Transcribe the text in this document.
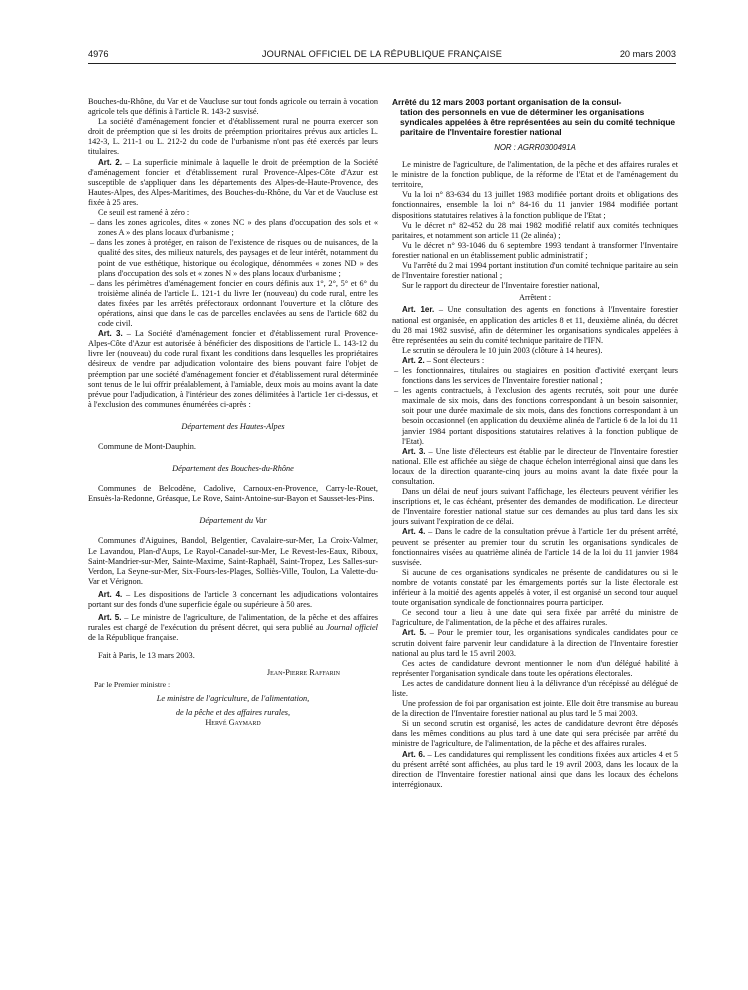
4976	JOURNAL OFFICIEL DE LA RÉPUBLIQUE FRANÇAISE	20 mars 2003

Bouches-du-Rhône, du Var et de Vaucluse sur tout fonds agricole ou terrain à vocation agricole tels que définis à l'article R. 143-2 susvisé.

La société d'aménagement foncier et d'établissement rural ne pourra exercer son droit de préemption que si les droits de préemption prioritaires prévus aux articles L. 142-3, L. 211-1 ou L. 212-2 du code de l'urbanisme n'ont pas été exercés par leurs titulaires.

Art. 2. – La superficie minimale à laquelle le droit de préemption de la Société d'aménagement foncier et d'établissement rural Provence-Alpes-Côte d'Azur est susceptible de s'appliquer dans les départements des Alpes-de-Haute-Provence, des Hautes-Alpes, des Alpes-Maritimes, des Bouches-du-Rhône, du Var et de Vaucluse est fixée à 25 ares.

Ce seuil est ramené à zéro :

– dans les zones agricoles, dites « zones NC » des plans d'occupation des sols et « zones A » des plans locaux d'urbanisme ;
– dans les zones à protéger, en raison de l'existence de risques ou de nuisances, de la qualité des sites, des milieux naturels, des paysages et de leur intérêt, notamment du point de vue esthétique, historique ou écologique, dénommées « zones ND » des plans d'occupation des sols et « zones N » des plans locaux d'urbanisme ;
– dans les périmètres d'aménagement foncier en cours définis aux 1°, 2°, 5° et 6° du troisième alinéa de l'article L. 121-1 du livre Ier (nouveau) du code rural, entre les dates fixées par les arrêtés préfectoraux ordonnant l'ouverture et la clôture des opérations, ainsi que dans le cas de parcelles enclavées au sens de l'article 682 du code civil.

Art. 3. – La Société d'aménagement foncier et d'établissement rural Provence-Alpes-Côte d'Azur est autorisée à bénéficier des dispositions de l'article L. 143-12 du livre Ier (nouveau) du code rural fixant les conditions dans lesquelles les propriétaires désireux de vendre par adjudication volontaire des biens pouvant faire l'objet de préemption par une société d'aménagement foncier et d'établissement rural déterminée sont tenus de le lui offrir préalablement, à l'amiable, deux mois au moins avant la date prévue pour l'adjudication, à l'intérieur des zones délimitées à l'article 1er ci-dessus, et à l'exclusion des communes énumérées ci-après :

Département des Hautes-Alpes

Commune de Mont-Dauphin.

Département des Bouches-du-Rhône

Communes de Belcodène, Cadolive, Carnoux-en-Provence, Carry-le-Rouet, Ensuès-la-Redonne, Gréasque, Le Rove, Saint-Antoine-sur-Bayon et Sausset-les-Pins.

Département du Var

Communes d'Aiguines, Bandol, Belgentier, Cavalaire-sur-Mer, La Croix-Valmer, Le Lavandou, Plan-d'Aups, Le Rayol-Canadel-sur-Mer, Le Revest-les-Eaux, Riboux, Saint-Mandrier-sur-Mer, Sainte-Maxime, Saint-Raphaël, Saint-Tropez, Les Salles-sur-Verdon, La Seyne-sur-Mer, Six-Fours-les-Plages, Solliès-Ville, Toulon, La Valette-du-Var et Vérignon.

Art. 4. – Les dispositions de l'article 3 concernant les adjudications volontaires portant sur des fonds d'une superficie égale ou supérieure à 50 ares.

Art. 5. – Le ministre de l'agriculture, de l'alimentation, de la pêche et des affaires rurales est chargé de l'exécution du présent décret, qui sera publié au Journal officiel de la République française.

Fait à Paris, le 13 mars 2003.

Jean-Pierre Raffarin
Par le Premier ministre :
Le ministre de l'agriculture, de l'alimentation,
de la pêche et des affaires rurales,
Hervé Gaymard
Arrêté du 12 mars 2003 portant organisation de la consul-
tation des personnels en vue de déterminer les organisations syndicales appelées à être représentées au sein du comité technique paritaire de l'Inventaire forestier national
NOR : AGRR0300491A

Le ministre de l'agriculture, de l'alimentation, de la pêche et des affaires rurales et le ministre de la fonction publique, de la réforme de l'Etat et de l'aménagement du territoire,

Vu la loi n° 83-634 du 13 juillet 1983 modifiée portant droits et obligations des fonctionnaires, ensemble la loi n° 84-16 du 11 janvier 1984 modifiée portant dispositions statutaires relatives à la fonction publique de l'Etat ;

Vu le décret n° 82-452 du 28 mai 1982 modifié relatif aux comités techniques paritaires, et notamment son article 11 (2e alinéa) ;

Vu le décret n° 93-1046 du 6 septembre 1993 tendant à transformer l'Inventaire forestier national en un établissement public administratif ;

Vu l'arrêté du 2 mai 1994 portant institution d'un comité technique paritaire au sein de l'Inventaire forestier national ;

Sur le rapport du directeur de l'Inventaire forestier national,

Arrêtent :

Art. 1er. – Une consultation des agents en fonctions à l'Inventaire forestier national est organisée, en application des articles 8 et 11, deuxième alinéa, du décret du 28 mai 1982 susvisé, afin de déterminer les organisations syndicales appelées à être représentées au sein du comité technique paritaire de l'IFN.

Le scrutin se déroulera le 10 juin 2003 (clôture à 14 heures).

Art. 2. – Sont électeurs :

– les fonctionnaires, titulaires ou stagiaires en position d'activité exerçant leurs fonctions dans les services de l'Inventaire forestier national ;
– les agents contractuels, à l'exclusion des agents recrutés, soit pour une durée maximale de six mois, dans des fonctions correspondant à un besoin saisonnier, soit pour une durée maximale de six mois, dans des fonctions correspondant à un besoin occasionnel (en application du deuxième alinéa de l'article 6 de la loi du 11 janvier 1984 portant dispositions statutaires relatives à la fonction publique de l'Etat).

Art. 3. – Une liste d'électeurs est établie par le directeur de l'Inventaire forestier national. Elle est affichée au siège de chaque échelon interrégional ainsi que dans les locaux de la direction quarante-cinq jours au moins avant la date fixée pour la consultation.

Dans un délai de neuf jours suivant l'affichage, les électeurs peuvent vérifier les inscriptions et, le cas échéant, présenter des demandes de modification. Le directeur de l'Inventaire forestier national statue sur ces demandes au plus tard dans les six jours suivant l'expiration de ce délai.

Art. 4. – Dans le cadre de la consultation prévue à l'article 1er du présent arrêté, peuvent se présenter au premier tour du scrutin les organisations syndicales de fonctionnaires visées au quatrième alinéa de l'article 14 de la loi du 11 janvier 1984 susvisée.

Si aucune de ces organisations syndicales ne présente de candidatures ou si le nombre de votants constaté par les émargements portés sur la liste électorale est inférieur à la moitié des agents appelés à voter, il est organisé un second tour auquel toute organisation syndicale de fonctionnaires pourra participer.

Ce second tour a lieu à une date qui sera fixée par arrêté du ministre de l'agriculture, de l'alimentation, de la pêche et des affaires rurales.

Art. 5. – Pour le premier tour, les organisations syndicales candidates pour ce scrutin doivent faire parvenir leur candidature à la direction de l'Inventaire forestier national au plus tard le 15 avril 2003.

Ces actes de candidature devront mentionner le nom d'un délégué habilité à représenter l'organisation syndicale dans toute les opérations électorales.

Les actes de candidature donnent lieu à la délivrance d'un récépissé au délégué de liste.

Une profession de foi par organisation est jointe. Elle doit être transmise au bureau de la direction de l'Inventaire forestier national au plus tard le 5 mai 2003.

Si un second scrutin est organisé, les actes de candidature devront être déposés dans les mêmes conditions au plus tard à une date qui sera précisée par arrêté du ministre de l'agriculture, de l'alimentation, de la pêche et des affaires rurales.

Art. 6. – Les candidatures qui remplissent les conditions fixées aux articles 4 et 5 du présent arrêté sont affichées, au plus tard le 19 avril 2003, dans les locaux de la direction de l'Inventaire forestier national ainsi que dans les locaux des échelons interrégionaux.
